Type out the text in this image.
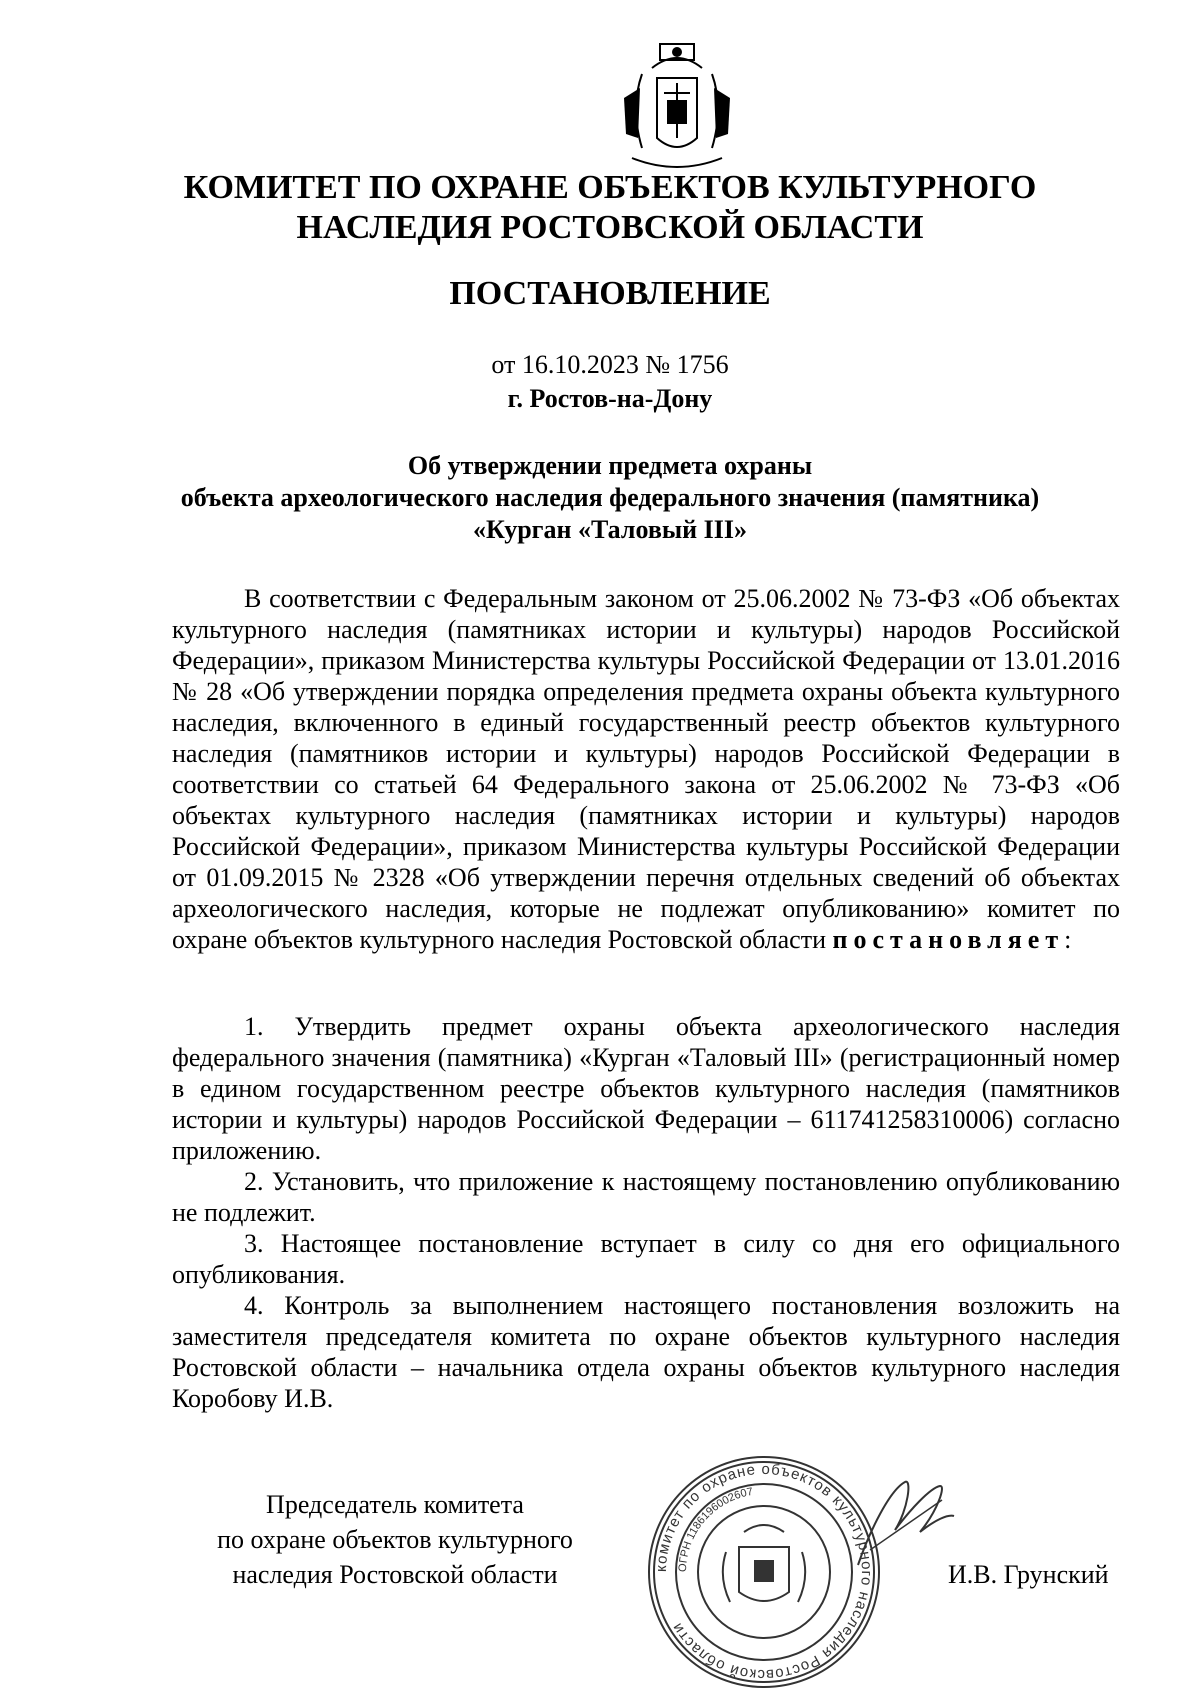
КОМИТЕТ ПО ОХРАНЕ ОБЪЕКТОВ КУЛЬТУРНОГО
НАСЛЕДИЯ РОСТОВСКОЙ ОБЛАСТИ
ПОСТАНОВЛЕНИЕ
от 16.10.2023 № 1756
г. Ростов-на-Дону
Об утверждении предмета охраны
объекта археологического наследия федерального значения (памятника)
«Курган «Таловый III»

В соответствии с Федеральным законом от 25.06.2002 № 73-ФЗ «Об объектах культурного наследия (памятниках истории и культуры) народов Российской Федерации», приказом Министерства культуры Российской Федерации от 13.01.2016 № 28 «Об утверждении порядка определения предмета охраны объекта культурного наследия, включенного в единый государственный реестр объектов культурного наследия (памятников истории и культуры) народов Российской Федерации в соответствии со статьей 64 Федерального закона от 25.06.2002 № 73-ФЗ «Об объектах культурного наследия (памятниках истории и культуры) народов Российской Федерации», приказом Министерства культуры Российской Федерации от 01.09.2015 № 2328 «Об утверждении перечня отдельных сведений об объектах археологического наследия, которые не подлежат опубликованию» комитет по охране объектов культурного наследия Ростовской области постановляет:

1. Утвердить предмет охраны объекта археологического наследия федерального значения (памятника) «Курган «Таловый III» (регистрационный номер в едином государственном реестре объектов культурного наследия (памятников истории и культуры) народов Российской Федерации – 611741258310006) согласно приложению.

2. Установить, что приложение к настоящему постановлению опубликованию не подлежит.

3. Настоящее постановление вступает в силу со дня его официального опубликования.

4. Контроль за выполнением настоящего постановления возложить на заместителя председателя комитета по охране объектов культурного наследия Ростовской области – начальника отдела охраны объектов культурного наследия Коробову И.В.

Председатель комитета
по охране объектов культурного
наследия Ростовской области	комитет по охране объектов культурного наследия Ростовской области
ОГРН 1186196002607
И.В. Грунский
